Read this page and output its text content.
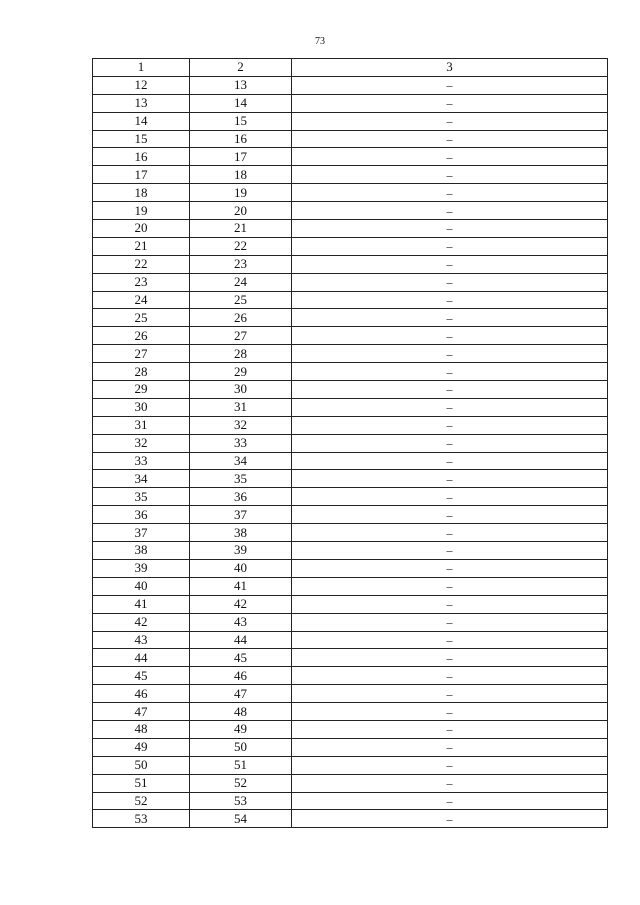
73
1	2	3
12	13	–
13	14	–
14	15	–
15	16	–
16	17	–
17	18	–
18	19	–
19	20	–
20	21	–
21	22	–
22	23	–
23	24	–
24	25	–
25	26	–
26	27	–
27	28	–
28	29	–
29	30	–
30	31	–
31	32	–
32	33	–
33	34	–
34	35	–
35	36	–
36	37	–
37	38	–
38	39	–
39	40	–
40	41	–
41	42	–
42	43	–
43	44	–
44	45	–
45	46	–
46	47	–
47	48	–
48	49	–
49	50	–
50	51	–
51	52	–
52	53	–
53	54	–
